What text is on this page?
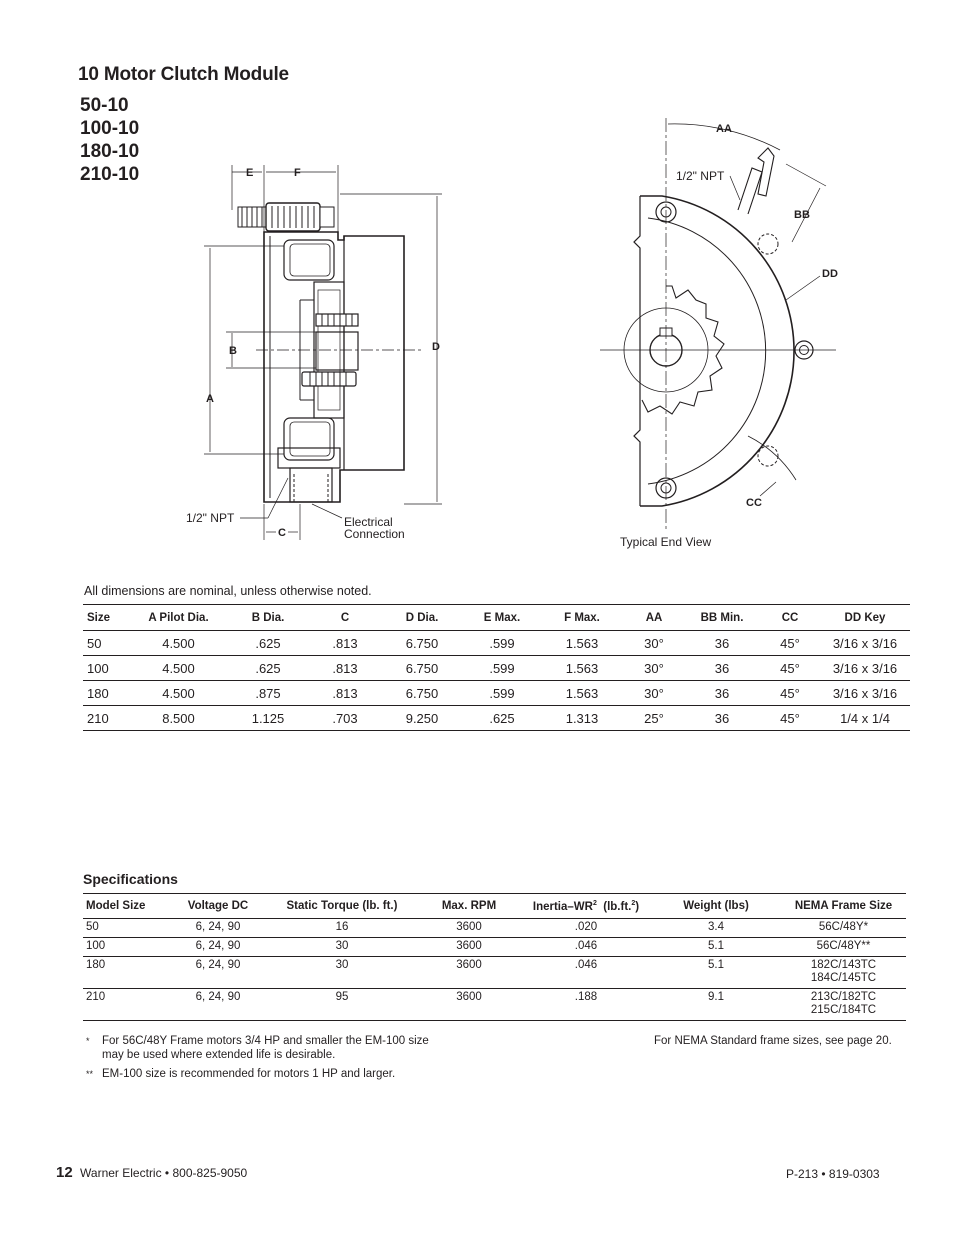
10 Motor Clutch Module
50-10
100-10
180-10
210-10	E	F
B
A
D
C
1/2" NPT	Electrical
Connection
AA
1/2" NPT
BB
DD
CC
Typical End View
All dimensions are nominal, unless otherwise noted.
Size	A Pilot Dia.	B Dia.	C	D Dia.	E Max.	F Max.	AA	BB Min.	CC	DD Key
50	4.500	.625	.813	6.750	.599	1.563	30°	36	45°	3/16 x 3/16
100	4.500	.625	.813	6.750	.599	1.563	30°	36	45°	3/16 x 3/16
180	4.500	.875	.813	6.750	.599	1.563	30°	36	45°	3/16 x 3/16
210	8.500	1.125	.703	9.250	.625	1.313	25°	36	45°	1/4 x 1/4
Specifications
Model Size	Voltage DC	Static Torque (lb. ft.)	Max. RPM	Inertia–$WR^2$ (lb.ft.$^2$)	Weight (lbs)	NEMA Frame Size
50	6, 24, 90	16	3600	.020	3.4	56C/48Y*

100	6, 24, 90	30	3600	.046	5.1	56C/48Y**

180	6, 24, 90	30	3600	.046	5.1	182C/143TC
184C/145TC

210	6, 24, 90	95	3600	.188	9.1	213C/182TC
215C/184TC
*	For 56C/48Y Frame motors 3/4 HP and smaller the EM-100 size
may be used where extended life is desirable.
** EM-100 size is recommended for motors 1 HP and larger.
For NEMA Standard frame sizes, see page 20.
12 Warner Electric • 800-825-9050	P-213 • 819-0303
